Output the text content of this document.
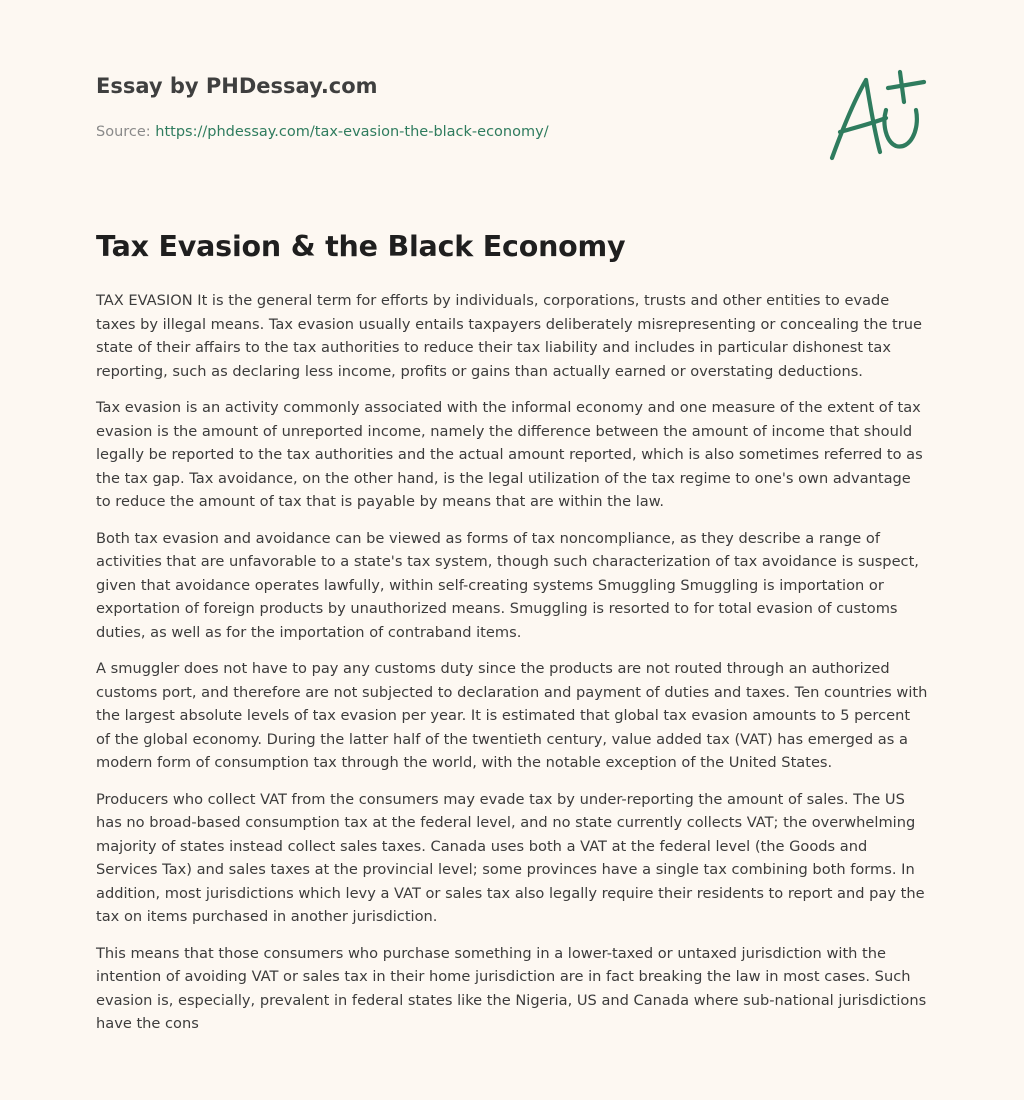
Essay by PHDessay.com
Source: https://phdessay.com/tax-evasion-the-black-economy/
Tax Evasion & the Black Economy

TAX EVASION It is the general term for efforts by individuals, corporations, trusts and other entities to evade taxes by illegal means. Tax evasion usually entails taxpayers deliberately misrepresenting or concealing the true state of their affairs to the tax authorities to reduce their tax liability and includes in particular dishonest tax reporting, such as declaring less income, profits or gains than actually earned or overstating deductions.

Tax evasion is an activity commonly associated with the informal economy and one measure of the extent of tax evasion is the amount of unreported income, namely the difference between the amount of income that should legally be reported to the tax authorities and the actual amount reported, which is also sometimes referred to as the tax gap. Tax avoidance, on the other hand, is the legal utilization of the tax regime to one's own advantage to reduce the amount of tax that is payable by means that are within the law.

Both tax evasion and avoidance can be viewed as forms of tax noncompliance, as they describe a range of activities that are unfavorable to a state's tax system, though such characterization of tax avoidance is suspect, given that avoidance operates lawfully, within self-creating systems Smuggling Smuggling is importation or exportation of foreign products by unauthorized means. Smuggling is resorted to for total evasion of customs duties, as well as for the importation of contraband items.

A smuggler does not have to pay any customs duty since the products are not routed through an authorized customs port, and therefore are not subjected to declaration and payment of duties and taxes. Ten countries with the largest absolute levels of tax evasion per year. It is estimated that global tax evasion amounts to 5 percent of the global economy. During the latter half of the twentieth century, value added tax (VAT) has emerged as a modern form of consumption tax through the world, with the notable exception of the United States.

Producers who collect VAT from the consumers may evade tax by under-reporting the amount of sales. The US has no broad-based consumption tax at the federal level, and no state currently collects VAT; the overwhelming majority of states instead collect sales taxes. Canada uses both a VAT at the federal level (the Goods and Services Tax) and sales taxes at the provincial level; some provinces have a single tax combining both forms. In addition, most jurisdictions which levy a VAT or sales tax also legally require their residents to report and pay the tax on items purchased in another jurisdiction.

This means that those consumers who purchase something in a lower-taxed or untaxed jurisdiction with the intention of avoiding VAT or sales tax in their home jurisdiction are in fact breaking the law in most cases. Such evasion is, especially, prevalent in federal states like the Nigeria, US and Canada where sub-national jurisdictions have the cons
